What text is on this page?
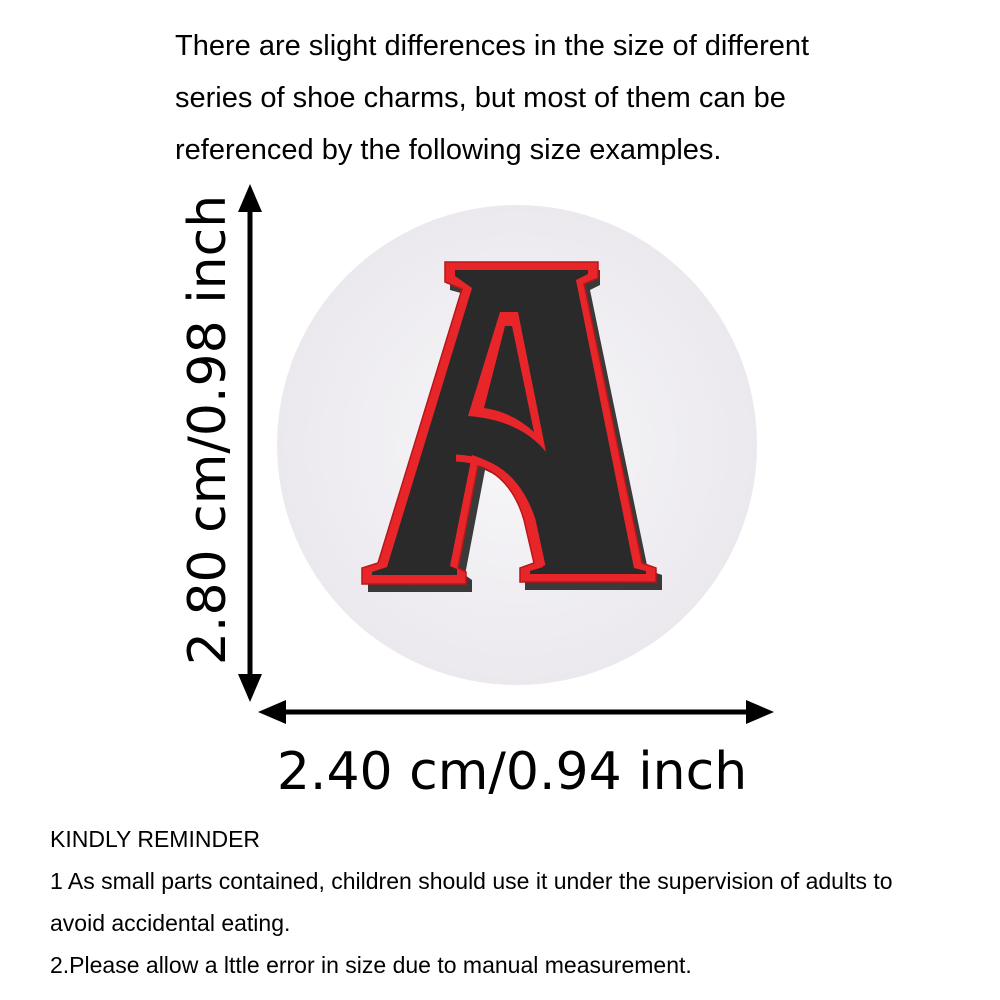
There are slight differences in the size of different
series of shoe charms, but most of them can be
referenced by the following size examples.
2.80 cm/0.98 inch
2.40 cm/0.94 inch
KINDLY REMINDER
1 As small parts contained, children should use it under the supervision of adults to
avoid accidental eating.
2.Please allow a lttle error in size due to manual measurement.
